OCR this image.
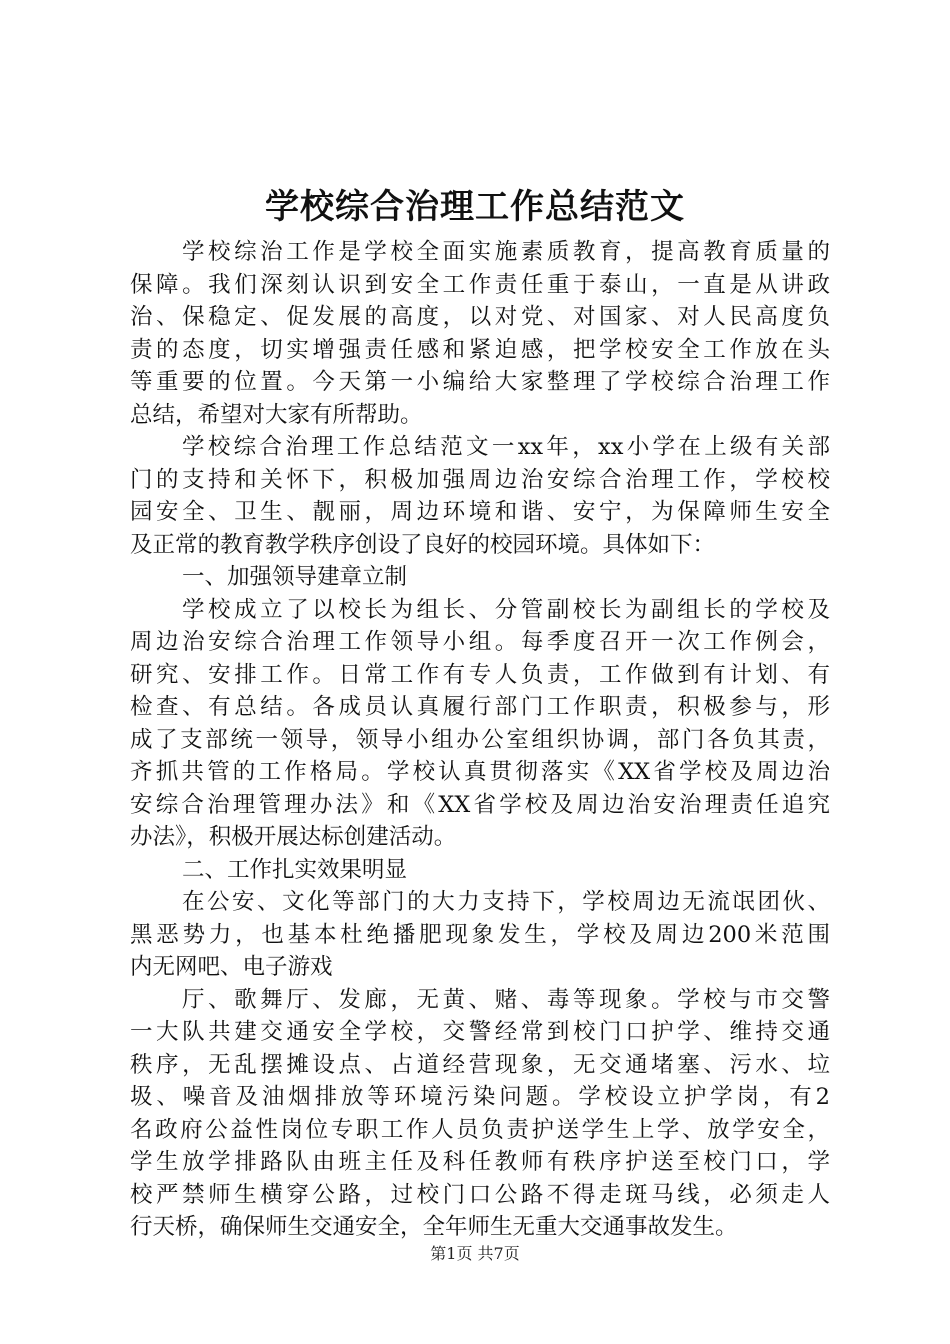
学校综合治理工作总结范文
学校综治工作是学校全面实施素质教育，提高教育质量的
保障。我们深刻认识到安全工作责任重于泰山，一直是从讲政
治、保稳定、促发展的高度，以对党、对国家、对人民高度负
责的态度，切实增强责任感和紧迫感，把学校安全工作放在头
等重要的位置。今天第一小编给大家整理了学校综合治理工作
总结，希望对大家有所帮助。
学校综合治理工作总结范文一xx年，xx小学在上级有关部
门的支持和关怀下，积极加强周边治安综合治理工作，学校校
园安全、卫生、靓丽，周边环境和谐、安宁，为保障师生安全
及正常的教育教学秩序创设了良好的校园环境。具体如下：
一、加强领导建章立制
学校成立了以校长为组长、分管副校长为副组长的学校及
周边治安综合治理工作领导小组。每季度召开一次工作例会，
研究、安排工作。日常工作有专人负责，工作做到有计划、有
检查、有总结。各成员认真履行部门工作职责，积极参与，形
成了支部统一领导，领导小组办公室组织协调，部门各负其责，
齐抓共管的工作格局。学校认真贯彻落实《XX省学校及周边治
安综合治理管理办法》和《XX省学校及周边治安治理责任追究
办法》，积极开展达标创建活动。
二、工作扎实效果明显
在公安、文化等部门的大力支持下，学校周边无流氓团伙、
黑恶势力，也基本杜绝播肥现象发生，学校及周边200米范围
内无网吧、电子游戏
厅、歌舞厅、发廊，无黄、赌、毒等现象。学校与市交警
一大队共建交通安全学校，交警经常到校门口护学、维持交通
秩序，无乱摆摊设点、占道经营现象，无交通堵塞、污水、垃
圾、噪音及油烟排放等环境污染问题。学校设立护学岗，有2
名政府公益性岗位专职工作人员负责护送学生上学、放学安全，
学生放学排路队由班主任及科任教师有秩序护送至校门口，学
校严禁师生横穿公路，过校门口公路不得走斑马线，必须走人
行天桥，确保师生交通安全，全年师生无重大交通事故发生。
第1页 共7页
